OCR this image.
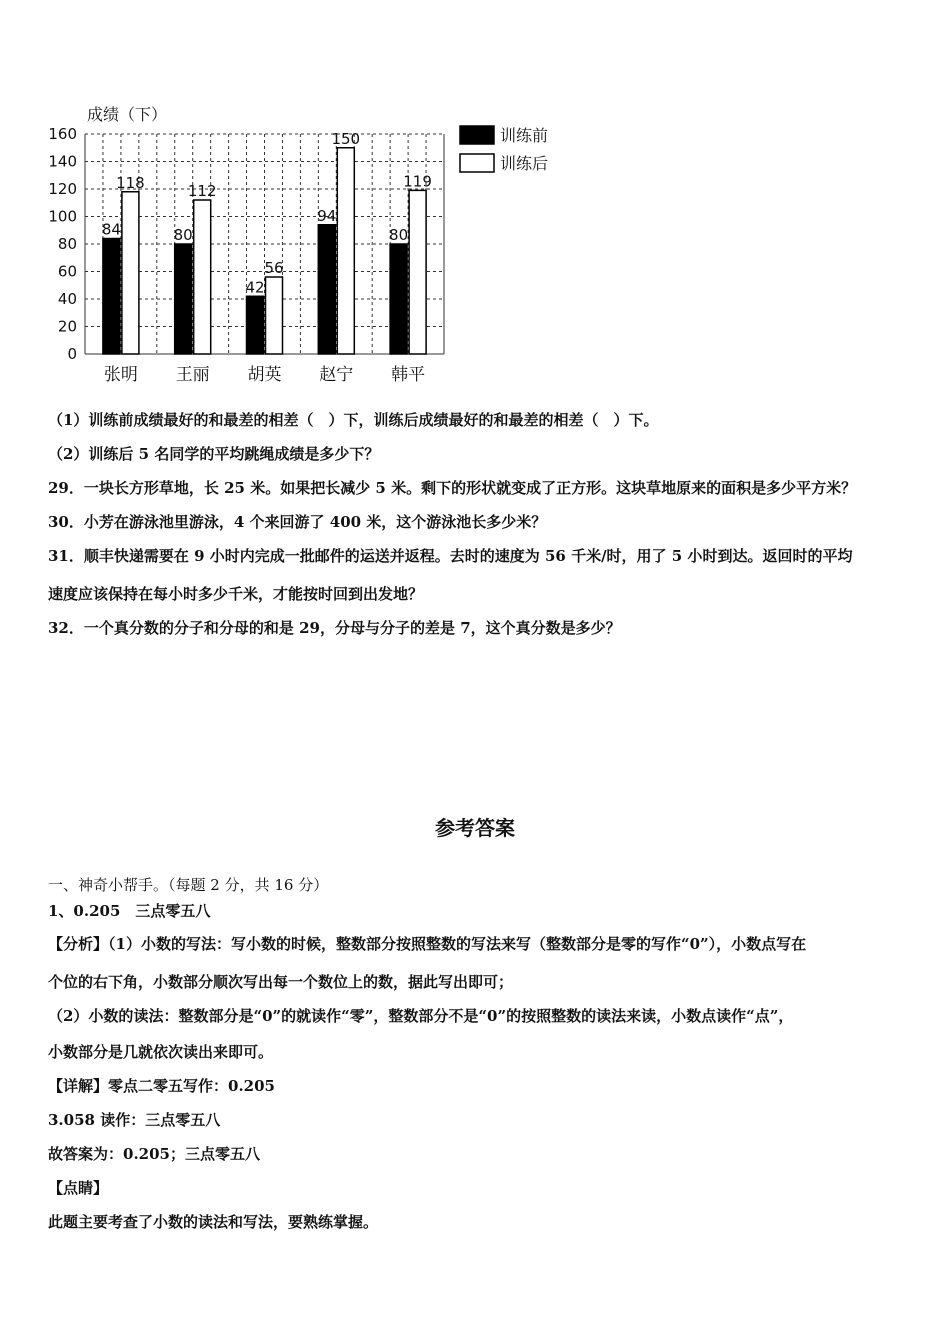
0
20
40
60
80
100
120
140
160
84
118
80
112
42
56
94
150
80
119
张明 王丽 胡英 赵宁 韩平
成绩（下）
训练前
训练后
（1）训练前成绩最好的和最差的相差（　）下，训练后成绩最好的和最差的相差（　）下。
（2）训练后 5 名同学的平均跳绳成绩是多少下？
29．一块长方形草地，长 25 米。如果把长减少 5 米。剩下的形状就变成了正方形。这块草地原来的面积是多少平方米？
30．小芳在游泳池里游泳，4 个来回游了 400 米，这个游泳池长多少米？
31．顺丰快递需要在 9 小时内完成一批邮件的运送并返程。去时的速度为 56 千米/时，用了 5 小时到达。返回时的平均
速度应该保持在每小时多少千米，才能按时回到出发地？
32．一个真分数的分子和分母的和是 29，分母与分子的差是 7，这个真分数是多少？
参考答案
一、神奇小帮手。（每题 2 分，共 16 分）
1、0.205　三点零五八
【分析】（1）小数的写法：写小数的时候，整数部分按照整数的写法来写（整数部分是零的写作“0”），小数点写在
个位的右下角，小数部分顺次写出每一个数位上的数，据此写出即可；
（2）小数的读法：整数部分是“0”的就读作“零”，整数部分不是“0”的按照整数的读法来读，小数点读作“点”，
小数部分是几就依次读出来即可。
【详解】零点二零五写作：0.205
3.058 读作：三点零五八
故答案为：0.205；三点零五八
【点睛】
此题主要考查了小数的读法和写法，要熟练掌握。
